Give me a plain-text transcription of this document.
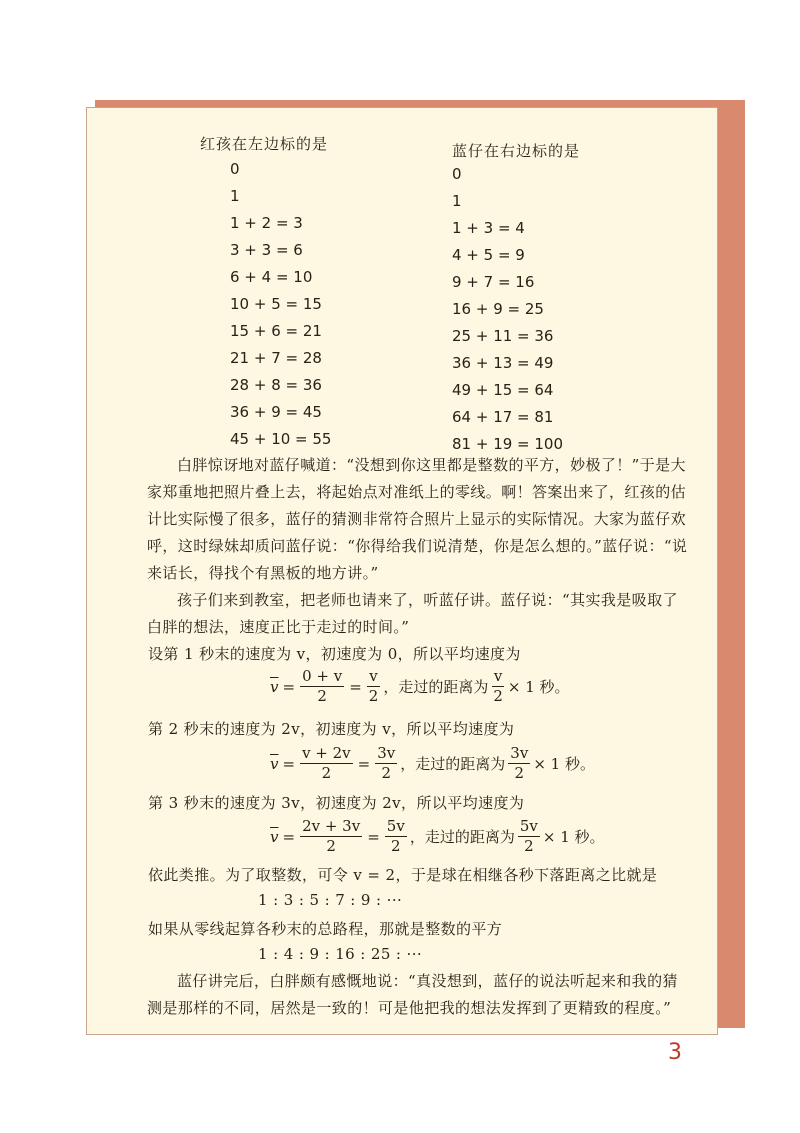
红孩在左边标的是	蓝仔在右边标的是
0
1
1 + 2 = 3
3 + 3 = 6
6 + 4 = 10
10 + 5 = 15
15 + 6 = 21
21 + 7 = 28
28 + 8 = 36
36 + 9 = 45
45 + 10 = 55
0
1
1 + 3 = 4
4 + 5 = 9
9 + 7 = 16
16 + 9 = 25
25 + 11 = 36
36 + 13 = 49
49 + 15 = 64
64 + 17 = 81
81 + 19 = 100

白胖惊讶地对蓝仔喊道：“没想到你这里都是整数的平方，妙极了！”于是大家郑重地把照片叠上去，将起始点对准纸上的零线。啊！答案出来了，红孩的估计比实际慢了很多，蓝仔的猜测非常符合照片上显示的实际情况。大家为蓝仔欢呼，这时绿妹却质问蓝仔说：“你得给我们说清楚，你是怎么想的。”蓝仔说：“说来话长，得找个有黑板的地方讲。”

孩子们来到教室，把老师也请来了，听蓝仔讲。蓝仔说：“其实我是吸取了白胖的想法，速度正比于走过的时间。”

设第 1 秒末的速度为 v，初速度为 0，所以平均速度为
$\overline{v} = \frac{0 + v}{2} = \frac{v}{2}$ ，走过的距离为 $\frac{v}{2} \times 1$ 秒。
第 2 秒末的速度为 2v，初速度为 v，所以平均速度为
$\overline{v} = \frac{v + 2v}{2} = \frac{3v}{2}$ ，走过的距离为 $\frac{3v}{2} \times 1$ 秒。
第 3 秒末的速度为 3v，初速度为 2v，所以平均速度为
$\overline{v} = \frac{2v + 3v}{2} = \frac{5v}{2}$ ，走过的距离为 $\frac{5v}{2} \times 1$ 秒。
依此类推。为了取整数，可令 v = 2，于是球在相继各秒下落距离之比就是
1 : 3 : 5 : 7 : 9 : ···
如果从零线起算各秒末的总路程，那就是整数的平方
1 : 4 : 9 : 16 : 25 : ···

蓝仔讲完后，白胖颇有感慨地说：“真没想到，蓝仔的说法听起来和我的猜测是那样的不同，居然是一致的！可是他把我的想法发挥到了更精致的程度。”

3
